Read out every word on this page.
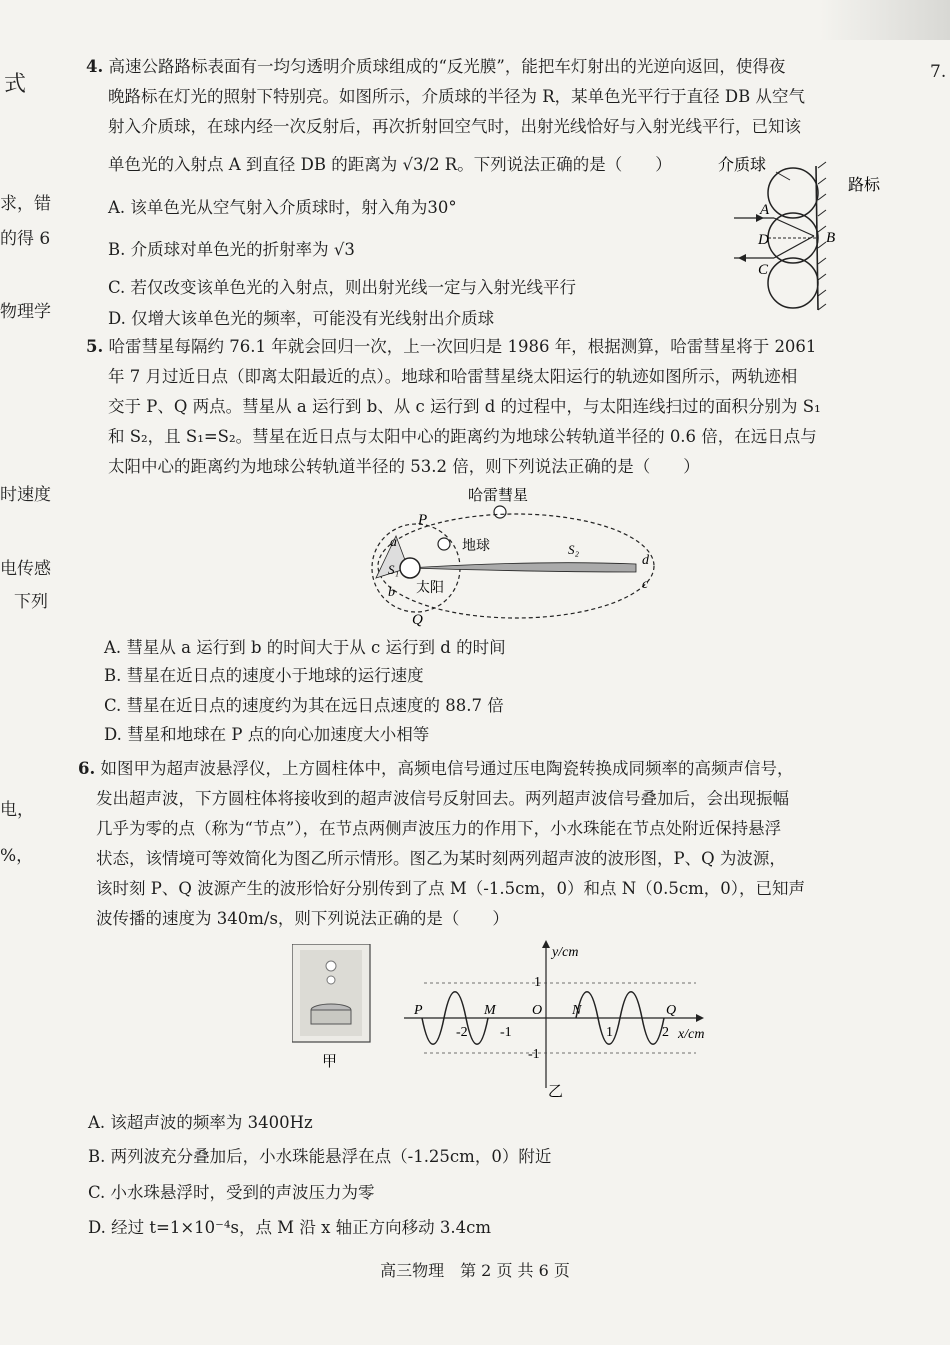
式
求，错
的得 6
物理学
时速度
电传感
下列
电，
%，
7.
4. 高速公路路标表面有一均匀透明介质球组成的“反光膜”，能把车灯射出的光逆向返回，使得夜
晚路标在灯光的照射下特别亮。如图所示，介质球的半径为 R，某单色光平行于直径 DB 从空气
射入介质球，在球内经一次反射后，再次折射回空气时，出射光线恰好与入射光线平行，已知该
单色光的入射点 A 到直径 DB 的距离为 √3/2 R。下列说法正确的是（　　）
A. 该单色光从空气射入介质球时，射入角为30°
B. 介质球对单色光的折射率为 √3
C. 若仅改变该单色光的入射点，则出射光线一定与入射光线平行
D. 仅增大该单色光的频率，可能没有光线射出介质球
介质球
路标
A
D	B
C
5. 哈雷彗星每隔约 76.1 年就会回归一次，上一次回归是 1986 年，根据测算，哈雷彗星将于 2061
年 7 月过近日点（即离太阳最近的点）。地球和哈雷彗星绕太阳运行的轨迹如图所示，两轨迹相
交于 P、Q 两点。彗星从 a 运行到 b、从 c 运行到 d 的过程中，与太阳连线扫过的面积分别为 S₁
和 S₂，且 S₁=S₂。彗星在近日点与太阳中心的距离约为地球公转轨道半径的 0.6 倍，在远日点与
太阳中心的距离约为地球公转轨道半径的 53.2 倍，则下列说法正确的是（　　）
哈雷彗星
地球
太阳
P
Q
a
b
S₁
S₂
d
c
A. 彗星从 a 运行到 b 的时间大于从 c 运行到 d 的时间
B. 彗星在近日点的速度小于地球的运行速度
C. 彗星在近日点的速度约为其在远日点速度的 88.7 倍
D. 彗星和地球在 P 点的向心加速度大小相等
6. 如图甲为超声波悬浮仪，上方圆柱体中，高频电信号通过压电陶瓷转换成同频率的高频声信号，
发出超声波，下方圆柱体将接收到的超声波信号反射回去。两列超声波信号叠加后，会出现振幅
几乎为零的点（称为“节点”），在节点两侧声波压力的作用下，小水珠能在节点处附近保持悬浮
状态，该情境可等效简化为图乙所示情形。图乙为某时刻两列超声波的波形图，P、Q 为波源，
该时刻 P、Q 波源产生的波形恰好分别传到了点 M（-1.5cm，0）和点 N（0.5cm，0），已知声
波传播的速度为 340m/s，则下列说法正确的是（　　）
甲
y/cm
x/cm
P	Q
M	N
O
-2 -1	1	2
1
-1
乙
A. 该超声波的频率为 3400Hz
B. 两列波充分叠加后，小水珠能悬浮在点（-1.25cm，0）附近
C. 小水珠悬浮时，受到的声波压力为零
D. 经过 t=1×10⁻⁴s，点 M 沿 x 轴正方向移动 3.4cm
高三物理　第 2 页 共 6 页
